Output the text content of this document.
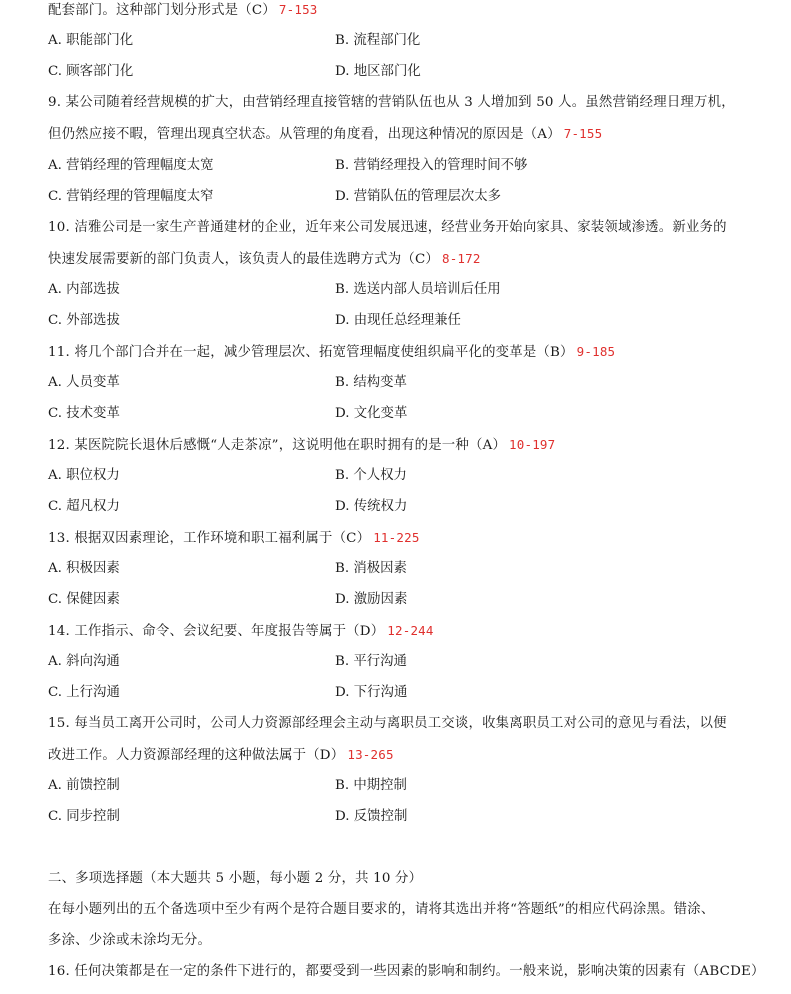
配套部门。这种部门划分形式是（C） 7-153
A. 职能部门化	B. 流程部门化
C. 顾客部门化	D. 地区部门化
9. 某公司随着经营规模的扩大，由营销经理直接管辖的营销队伍也从 3 人增加到 50 人。虽然营销经理日理万机，
但仍然应接不暇，管理出现真空状态。从管理的角度看，出现这种情况的原因是（A） 7-155
A. 营销经理的管理幅度太宽	B. 营销经理投入的管理时间不够
C. 营销经理的管理幅度太窄	D. 营销队伍的管理层次太多
10. 洁雅公司是一家生产普通建材的企业，近年来公司发展迅速，经营业务开始向家具、家装领域渗透。新业务的
快速发展需要新的部门负责人，该负责人的最佳选聘方式为（C） 8-172
A. 内部选拔	B. 选送内部人员培训后任用
C. 外部选拔	D. 由现任总经理兼任
11. 将几个部门合并在一起，减少管理层次、拓宽管理幅度使组织扁平化的变革是（B） 9-185
A. 人员变革	B. 结构变革
C. 技术变革	D. 文化变革
12. 某医院院长退休后感慨“人走茶凉”，这说明他在职时拥有的是一种（A） 10-197
A. 职位权力	B. 个人权力
C. 超凡权力	D. 传统权力
13. 根据双因素理论，工作环境和职工福利属于（C） 11-225
A. 积极因素	B. 消极因素
C. 保健因素	D. 激励因素
14. 工作指示、命令、会议纪要、年度报告等属于（D） 12-244
A. 斜向沟通	B. 平行沟通
C. 上行沟通	D. 下行沟通
15. 每当员工离开公司时，公司人力资源部经理会主动与离职员工交谈，收集离职员工对公司的意见与看法，以便
改进工作。人力资源部经理的这种做法属于（D） 13-265
A. 前馈控制	B. 中期控制
C. 同步控制	D. 反馈控制
二、多项选择题（本大题共 5 小题，每小题 2 分，共 10 分）
在每小题列出的五个备选项中至少有两个是符合题目要求的，请将其选出并将“答题纸”的相应代码涂黑。错涂、
多涂、少涂或未涂均无分。
16. 任何决策都是在一定的条件下进行的，都要受到一些因素的影响和制约。一般来说，影响决策的因素有（ABCDE）
